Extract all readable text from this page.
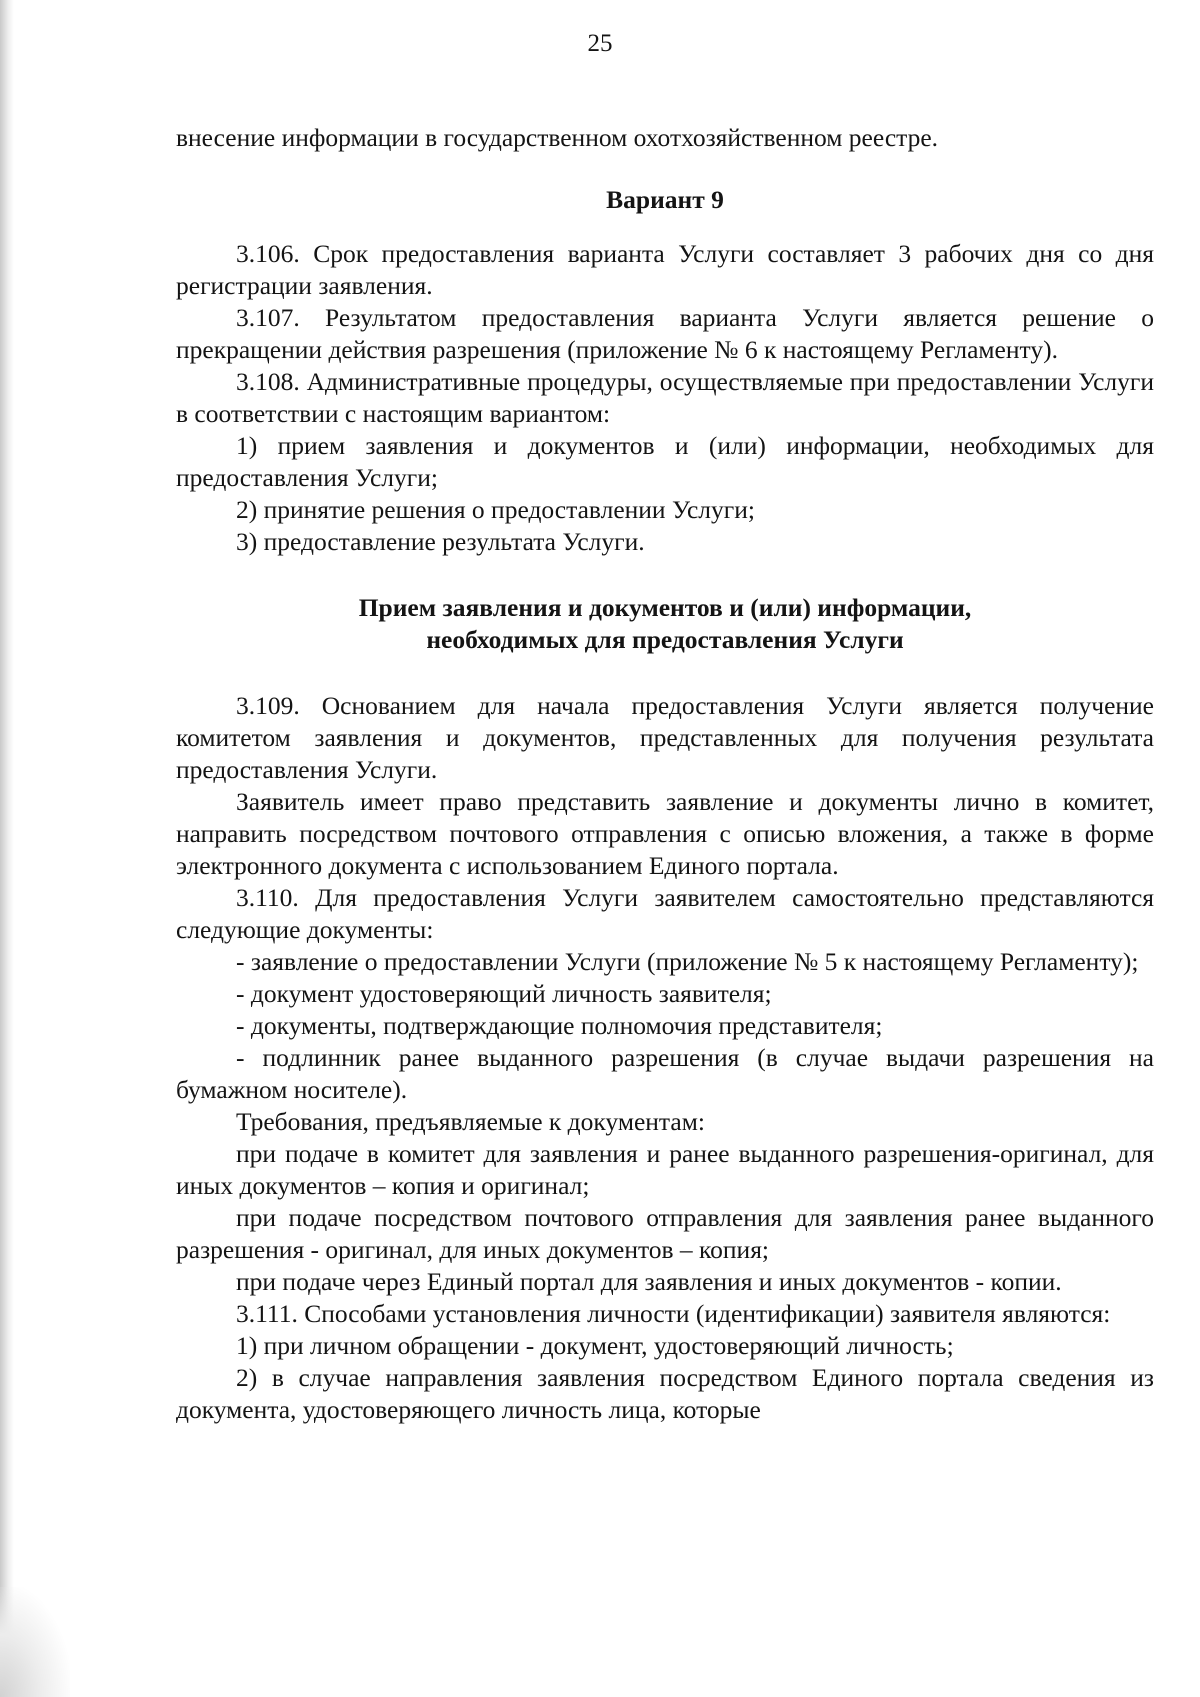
25

внесение информации в государственном охотхозяйственном реестре.

Вариант 9

3.106. Срок предоставления варианта Услуги составляет 3 рабочих дня со дня регистрации заявления.

3.107. Результатом предоставления варианта Услуги является решение о прекращении действия разрешения (приложение № 6 к настоящему Регламенту).

3.108. Административные процедуры, осуществляемые при предоставлении Услуги в соответствии с настоящим вариантом:

1) прием заявления и документов и (или) информации, необходимых для предоставления Услуги;

2) принятие решения о предоставлении Услуги;

3) предоставление результата Услуги.

Прием заявления и документов и (или) информации,

необходимых для предоставления Услуги

3.109. Основанием для начала предоставления Услуги является получение комитетом заявления и документов, представленных для получения результата предоставления Услуги.

Заявитель имеет право представить заявление и документы лично в комитет, направить посредством почтового отправления с описью вложения, а также в форме электронного документа с использованием Единого портала.

3.110. Для предоставления Услуги заявителем самостоятельно представляются следующие документы:

- заявление о предоставлении Услуги (приложение № 5 к настоящему Регламенту);

- документ удостоверяющий личность заявителя;

- документы, подтверждающие полномочия представителя;

- подлинник ранее выданного разрешения (в случае выдачи разрешения на бумажном носителе).

Требования, предъявляемые к документам:

при подаче в комитет для заявления и ранее выданного разрешения-оригинал, для иных документов – копия и оригинал;

при подаче посредством почтового отправления для заявления ранее выданного разрешения - оригинал, для иных документов – копия;

при подаче через Единый портал для заявления и иных документов - копии.

3.111. Способами установления личности (идентификации) заявителя являются:

1) при личном обращении - документ, удостоверяющий личность;

2) в случае направления заявления посредством Единого портала сведения из документа, удостоверяющего личность лица, которые
